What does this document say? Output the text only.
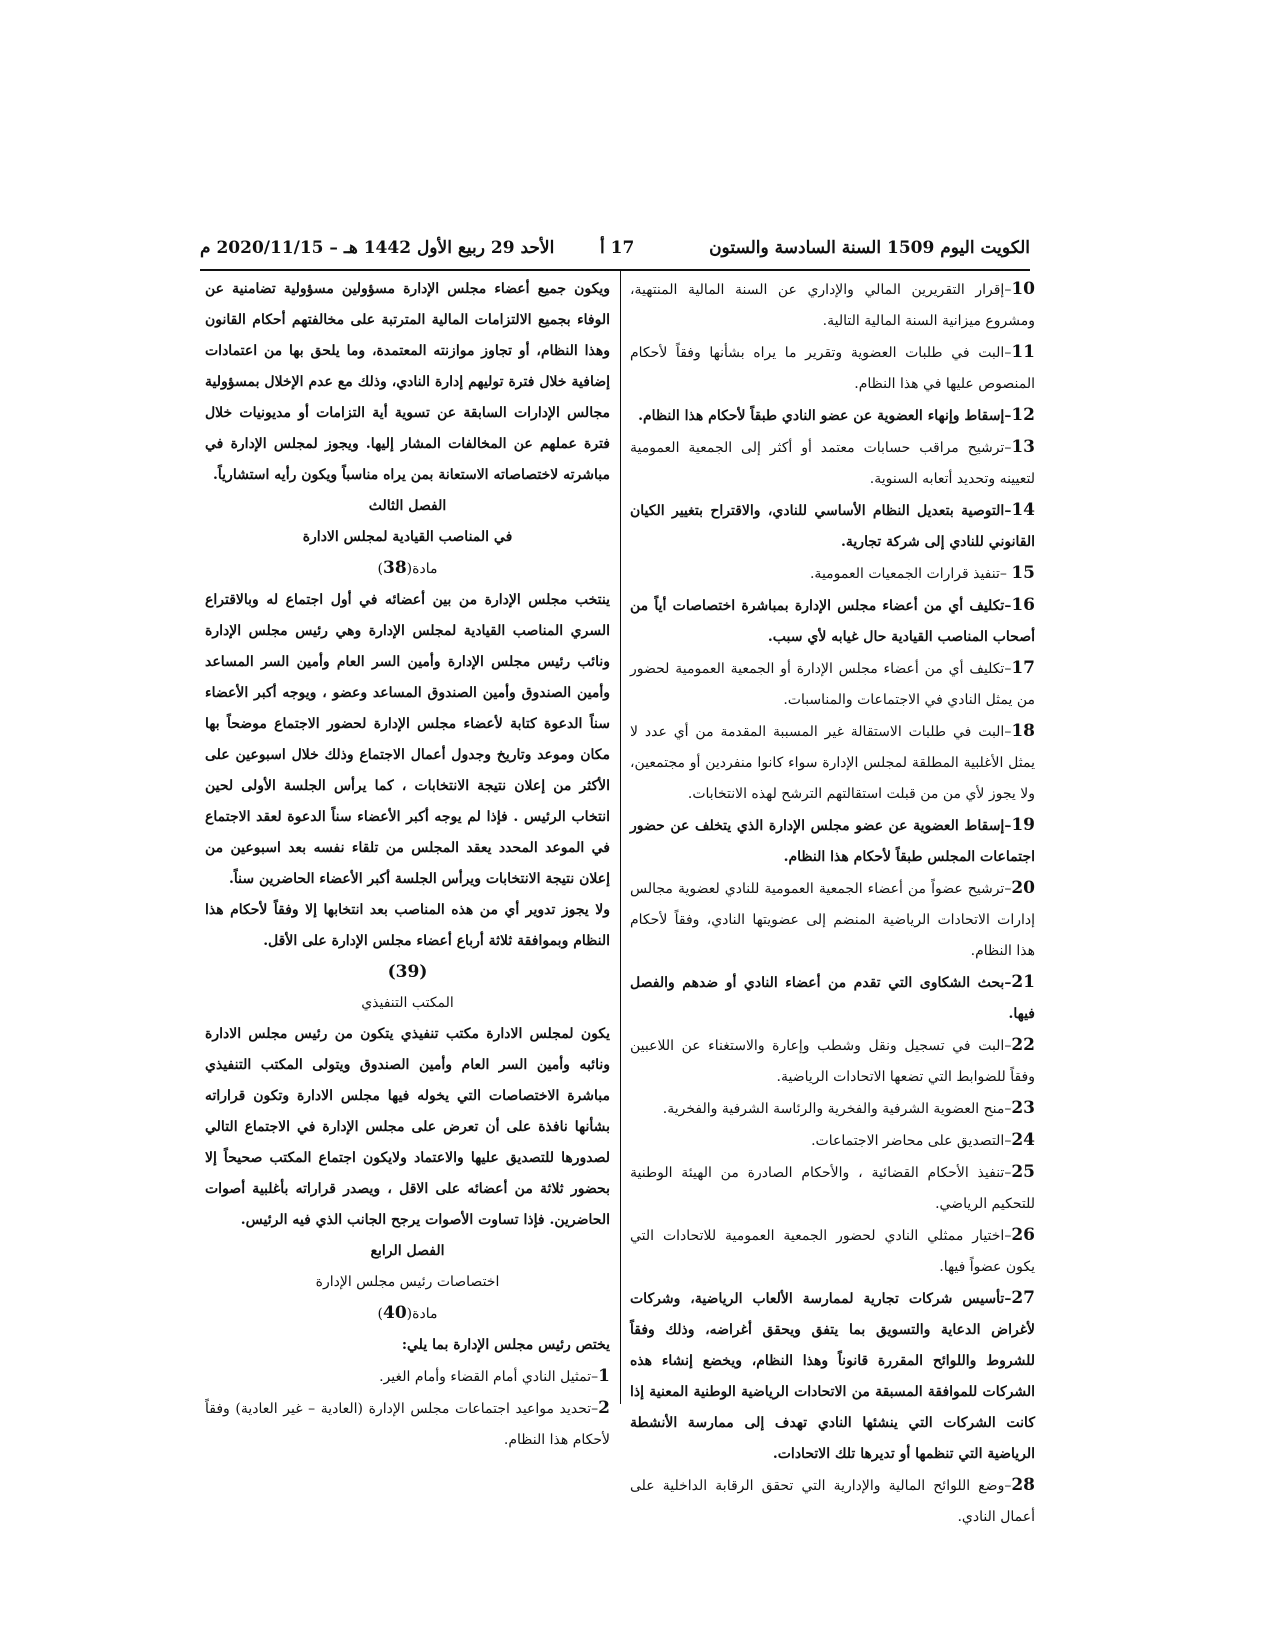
الكويت اليوم 1509 السنة السادسة والستون
17 أ
الأحد 29 ربيع الأول 1442 هـ – 2020/11/15 م

10–إقرار التقريرين المالي والإداري عن السنة المالية المنتهية، ومشروع ميزانية السنة المالية التالية.

11–البت في طلبات العضوية وتقرير ما يراه بشأنها وفقاً لأحكام المنصوص عليها في هذا النظام.

12–إسقاط وإنهاء العضوية عن عضو النادي طبقاً لأحكام هذا النظام.

13–ترشيح مراقب حسابات معتمد أو أكثر إلى الجمعية العمومية لتعيينه وتحديد أتعابه السنوية.

14–التوصية بتعديل النظام الأساسي للنادي، والاقتراح بتغيير الكيان القانوني للنادي إلى شركة تجارية.

15 –تنفيذ قرارات الجمعيات العمومية.

16–تكليف أي من أعضاء مجلس الإدارة بمباشرة اختصاصات أياً من أصحاب المناصب القيادية حال غيابه لأي سبب.

17–تكليف أي من أعضاء مجلس الإدارة أو الجمعية العمومية لحضور من يمثل النادي في الاجتماعات والمناسبات.

18–البت في طلبات الاستقالة غير المسببة المقدمة من أي عدد لا يمثل الأغلبية المطلقة لمجلس الإدارة سواء كانوا منفردين أو مجتمعين، ولا يجوز لأي من من قبلت استقالتهم الترشح لهذه الانتخابات.

19–إسقاط العضوية عن عضو مجلس الإدارة الذي يتخلف عن حضور اجتماعات المجلس طبقاً لأحكام هذا النظام.

20–ترشيح عضواً من أعضاء الجمعية العمومية للنادي لعضوية مجالس إدارات الاتحادات الرياضية المنضم إلى عضويتها النادي، وفقاً لأحكام هذا النظام.

21–بحث الشكاوى التي تقدم من أعضاء النادي أو ضدهم والفصل فيها.

22–البت في تسجيل ونقل وشطب وإعارة والاستغناء عن اللاعبين وفقاً للضوابط التي تضعها الاتحادات الرياضية.

23–منح العضوية الشرفية والفخرية والرئاسة الشرفية والفخرية.

24–التصديق على محاضر الاجتماعات.

25–تنفيذ الأحكام القضائية ، والأحكام الصادرة من الهيئة الوطنية للتحكيم الرياضي.

26–اختيار ممثلي النادي لحضور الجمعية العمومية للاتحادات التي يكون عضواً فيها.

27–تأسيس شركات تجارية لممارسة الألعاب الرياضية، وشركات لأغراض الدعاية والتسويق بما يتفق ويحقق أغراضه، وذلك وفقاً للشروط واللوائح المقررة قانوناً وهذا النظام، ويخضع إنشاء هذه الشركات للموافقة المسبقة من الاتحادات الرياضية الوطنية المعنية إذا كانت الشركات التي ينشئها النادي تهدف إلى ممارسة الأنشطة الرياضية التي تنظمها أو تديرها تلك الاتحادات.

28–وضع اللوائح المالية والإدارية التي تحقق الرقابة الداخلية على أعمال النادي.

ويكون جميع أعضاء مجلس الإدارة مسؤولين مسؤولية تضامنية عن الوفاء بجميع الالتزامات المالية المترتبة على مخالفتهم أحكام القانون وهذا النظام، أو تجاوز موازنته المعتمدة، وما يلحق بها من اعتمادات إضافية خلال فترة توليهم إدارة النادي، وذلك مع عدم الإخلال بمسؤولية مجالس الإدارات السابقة عن تسوية أية التزامات أو مديونيات خلال فترة عملهم عن المخالفات المشار إليها. ويجوز لمجلس الإدارة في مباشرته لاختصاصاته الاستعانة بمن يراه مناسباً ويكون رأيه استشارياً.

الفصل الثالث

في المناصب القيادية لمجلس الادارة

مادة(38)

ينتخب مجلس الإدارة من بين أعضائه في أول اجتماع له وبالاقتراع السري المناصب القيادية لمجلس الإدارة وهي رئيس مجلس الإدارة ونائب رئيس مجلس الإدارة وأمين السر العام وأمين السر المساعد وأمين الصندوق وأمين الصندوق المساعد وعضو ، ويوجه أكبر الأعضاء سناً الدعوة كتابة لأعضاء مجلس الإدارة لحضور الاجتماع موضحاً بها مكان وموعد وتاريخ وجدول أعمال الاجتماع وذلك خلال اسبوعين على الأكثر من إعلان نتيجة الانتخابات ، كما يرأس الجلسة الأولى لحين انتخاب الرئيس . فإذا لم يوجه أكبر الأعضاء سناً الدعوة لعقد الاجتماع في الموعد المحدد يعقد المجلس من تلقاء نفسه بعد اسبوعين من إعلان نتيجة الانتخابات ويرأس الجلسة أكبر الأعضاء الحاضرين سناً.

ولا يجوز تدوير أي من هذه المناصب بعد انتخابها إلا وفقاً لأحكام هذا النظام وبموافقة ثلاثة أرباع أعضاء مجلس الإدارة على الأقل.

(39)

المكتب التنفيذي

يكون لمجلس الادارة مكتب تنفيذي يتكون من رئيس مجلس الادارة ونائبه وأمين السر العام وأمين الصندوق ويتولى المكتب التنفيذي مباشرة الاختصاصات التي يخوله فيها مجلس الادارة وتكون قراراته بشأنها نافذة على أن تعرض على مجلس الإدارة في الاجتماع التالي لصدورها للتصديق عليها والاعتماد ولايكون اجتماع المكتب صحيحاً إلا بحضور ثلاثة من أعضائه على الاقل ، ويصدر قراراته بأغلبية أصوات الحاضرين. فإذا تساوت الأصوات يرجح الجانب الذي فيه الرئيس.

الفصل الرابع

اختصاصات رئيس مجلس الإدارة

مادة(40)

يختص رئيس مجلس الإدارة بما يلي:

1–تمثيل النادي أمام القضاء وأمام الغير.

2–تحديد مواعيد اجتماعات مجلس الإدارة (العادية – غير العادية) وفقاً لأحكام هذا النظام.
